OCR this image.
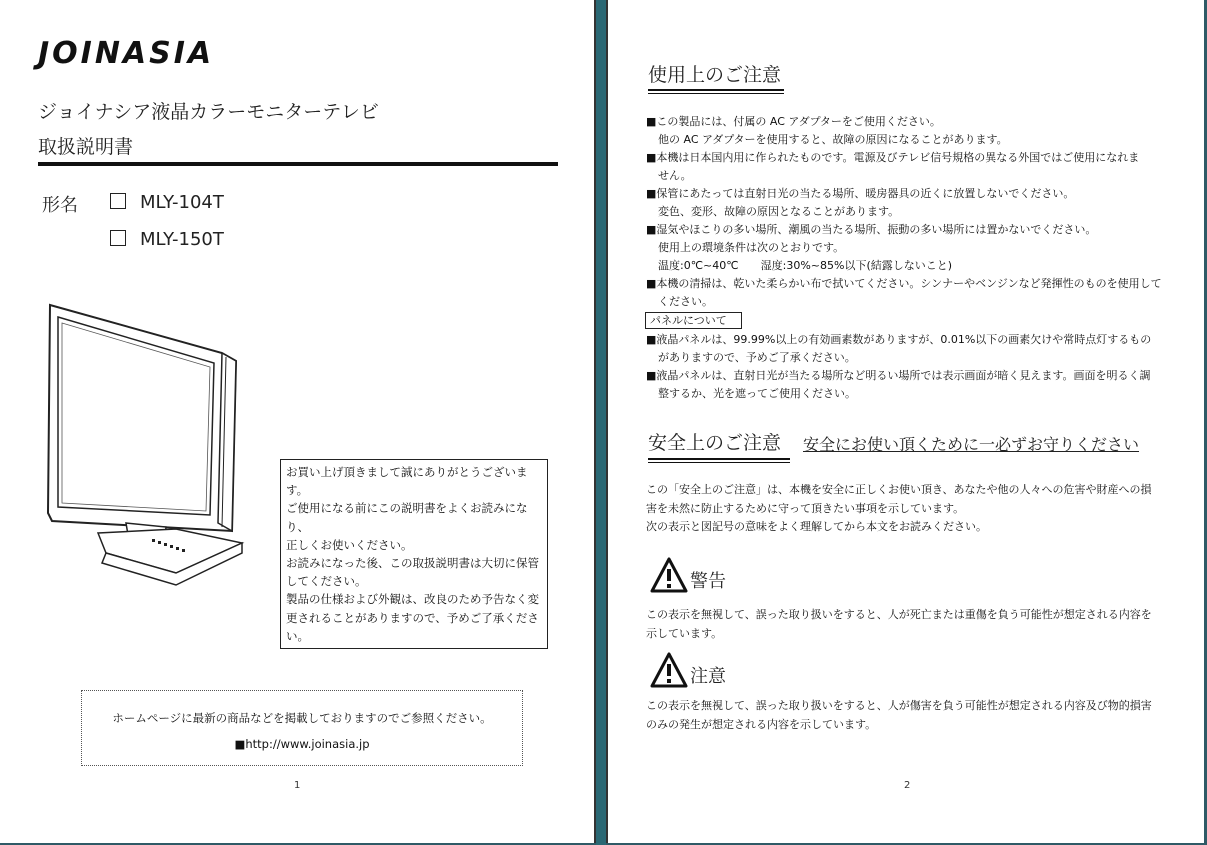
JOINASIA
ジョイナシア液晶カラーモニターテレビ
取扱説明書
形名	MLY-104T
MLY-150T
お買い上げ頂きまして誠にありがとうございます。
ご使用になる前にこの説明書をよくお読みになり、
正しくお使いください。
お読みになった後、この取扱説明書は大切に保管
してください。
製品の仕様および外観は、改良のため予告なく変
更されることがありますので、予めご了承ください。
ホームページに最新の商品などを掲載しておりますのでご参照ください。
■http://www.joinasia.jp
1
使用上のご注意

■この製品には、付属の AC アダプターをご使用ください。

他の AC アダプターを使用すると、故障の原因になることがあります。

■本機は日本国内用に作られたものです。電源及びテレビ信号規格の異なる外国ではご使用になれま

せん。

■保管にあたっては直射日光の当たる場所、暖房器具の近くに放置しないでください。

変色、変形、故障の原因となることがあります。

■湿気やほこりの多い場所、潮風の当たる場所、振動の多い場所には置かないでください。

使用上の環境条件は次のとおりです。

温度:0℃~40℃　　湿度:30%~85%以下(結露しないこと)

■本機の清掃は、乾いた柔らかい布で拭いてください。シンナーやベンジンなど発揮性のものを使用して

ください。

パネルについて

■液晶パネルは、99.99%以上の有効画素数がありますが、0.01%以下の画素欠けや常時点灯するもの

がありますので、予めご了承ください。

■液晶パネルは、直射日光が当たる場所など明るい場所では表示画面が暗く見えます。画面を明るく調

整するか、光を遮ってご使用ください。

安全上のご注意 安全にお使い頂くために一必ずお守りください
この「安全上のご注意」は、本機を安全に正しくお使い頂き、あなたや他の人々への危害や財産への損
害を未然に防止するために守って頂きたい事項を示しています。
次の表示と図記号の意味をよく理解してから本文をお読みください。
警告
この表示を無視して、誤った取り扱いをすると、人が死亡または重傷を負う可能性が想定される内容を
示しています。
注意
この表示を無視して、誤った取り扱いをすると、人が傷害を負う可能性が想定される内容及び物的損害
のみの発生が想定される内容を示しています。
2
